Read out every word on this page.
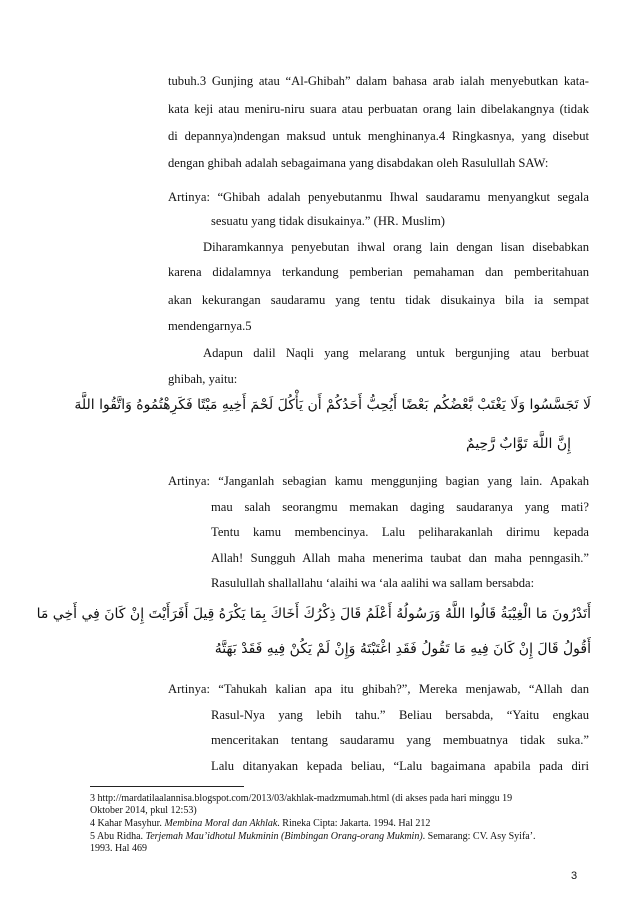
tubuh.3 Gunjing atau “Al-Ghibah” dalam bahasa arab ialah menyebutkan kata-
kata keji atau meniru-niru suara atau perbuatan orang lain dibelakangnya (tidak
di depannya)ndengan maksud untuk menghinanya.4 Ringkasnya, yang disebut
dengan ghibah adalah sebagaimana yang disabdakan oleh Rasulullah SAW:
Artinya: “Ghibah adalah penyebutanmu Ihwal saudaramu menyangkut segala
sesuatu yang tidak disukainya.” (HR. Muslim)
Diharamkannya penyebutan ihwal orang lain dengan lisan disebabkan
karena didalamnya terkandung pemberian pemahaman dan pemberitahuan
akan kekurangan saudaramu yang tentu tidak disukainya bila ia sempat
mendengarnya.5
Adapun dalil Naqli yang melarang untuk bergunjing atau berbuat
ghibah, yaitu:
لَا تَجَسَّسُوا وَلَا يَغْتَبْ بَّعْضُكُم بَعْضًا أَيُحِبُّ أَحَدُكُمْ أَن يَأْكُلَ لَحْمَ أَخِيهِ مَيْتًا فَكَرِهْتُمُوهُ وَاتَّقُوا اللَّهَ
إِنَّ اللَّهَ تَوَّابٌ رَّحِيمٌ
Artinya: “Janganlah sebagian kamu menggunjing bagian yang lain. Apakah
mau salah seorangmu memakan daging saudaranya yang mati?
Tentu kamu membencinya. Lalu peliharakanlah dirimu kepada
Allah! Sungguh Allah maha menerima taubat dan maha penngasih.”
Rasulullah shallallahu ‘alaihi wa ‘ala aalihi wa sallam bersabda:
أَتَدْرُونَ مَا الْغِيْبَةُ قَالُوا اللَّهُ وَرَسُولُهُ أَعْلَمُ قَالَ ذِكْرُكَ أَخَاكَ بِمَا يَكْرَهُ قِيلَ أَفَرَأَيْتَ إِنْ كَانَ فِي أَخِي مَا
أَقُولُ قَالَ إِنْ كَانَ فِيهِ مَا تَقُولُ فَقَدِ اغْتَبْتَهُ وَإِنْ لَمْ يَكُنْ فِيهِ فَقَدْ بَهَتَّهُ
Artinya: “Tahukah kalian apa itu ghibah?”, Mereka menjawab, “Allah dan
Rasul-Nya yang lebih tahu.” Beliau bersabda, “Yaitu engkau
menceritakan tentang saudaramu yang membuatnya tidak suka.”
Lalu ditanyakan kepada beliau, “Lalu bagaimana apabila pada diri
3 http://mardatilaalannisa.blogspot.com/2013/03/akhlak-madzmumah.html (di akses pada hari minggu 19
Oktober 2014, pkul 12:53)
4 Kahar Masyhur. Membina Moral dan Akhlak. Rineka Cipta: Jakarta. 1994. Hal 212
5 Abu Ridha. Terjemah Mau’idhotul Mukminin (Bimbingan Orang-orang Mukmin). Semarang: CV. Asy Syifa’.
1993. Hal 469
3
